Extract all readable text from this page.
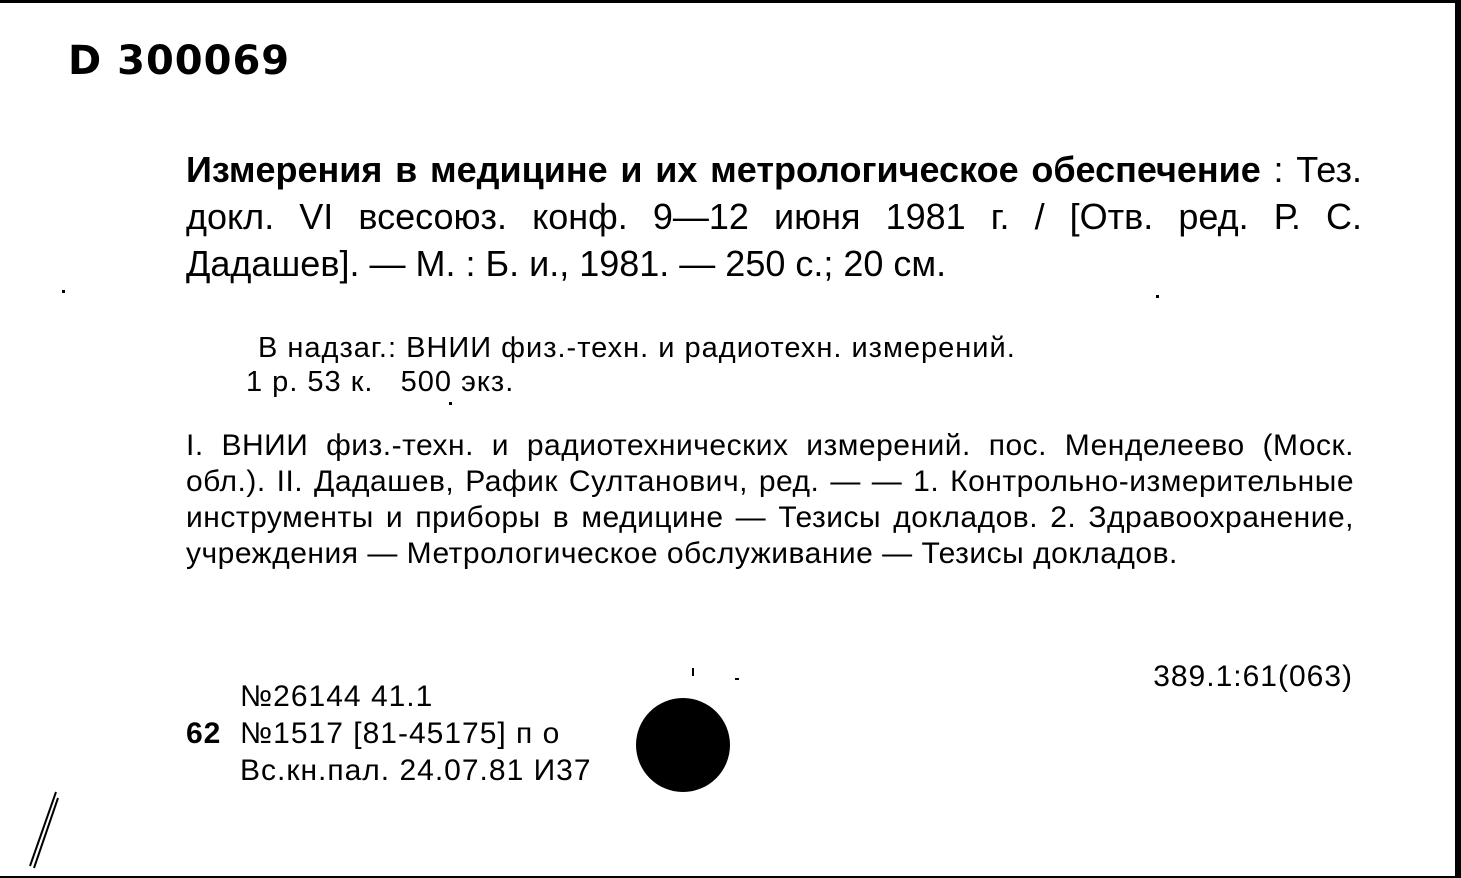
D 300069
Измерения в медицине и их метрологическое обеспечение : Тез. докл. VI всесоюз. конф. 9—12 июня 1981 г. / [Отв. ред. Р. С. Дадашев]. — М. : Б. и., 1981. — 250 с.; 20 см.
В надзаг.: ВНИИ физ.-техн. и радиотехн. измерений.
1 р. 53 к.   500 экз.
I. ВНИИ физ.-техн. и радиотехнических измерений. пос. Менделеево (Моск. обл.). II. Дадашев, Рафик Султанович, ред. — — 1. Контрольно-измерительные инструменты и приборы в медицине — Тезисы докладов. 2. Здравоохранение, учреждения — Метрологическое обслуживание — Тезисы докладов.
389.1:61(063)
№26144 41.1
62 №1517 [81-45175] п о
Вс.кн.пал. 24.07.81 И37
